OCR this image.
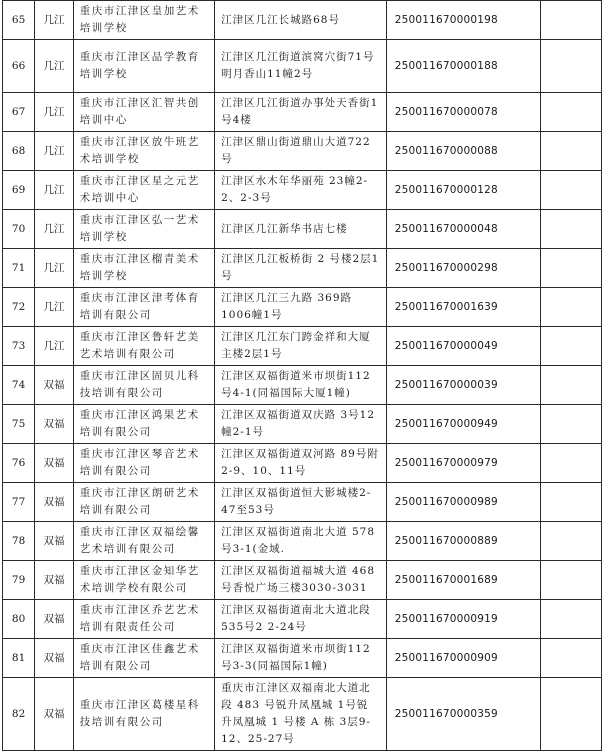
65	几江	重庆市江津区皇加艺术培训学校	江津区几江长城路68号	250011670000198	
66	几江	重庆市江津区品学教育培训学校	江津区几江街道滨窝穴街71号明月香山11幢2号	250011670000188	
67	几江	重庆市江津区汇智共创培训中心	江津区几江街道办事处天香街1号4楼	250011670000078	
68	几江	重庆市江津区放牛班艺术培训学校	江津区鼎山街道鼎山大道722号	250011670000088	
69	几江	重庆市江津区星之元艺术培训中心	江津区水木年华丽苑 23幢2-2、2-3号	250011670000128	
70	几江	重庆市江津区弘一艺术培训学校	江津区几江新华书店七楼	250011670000048	
71	几江	重庆市江津区榴青美术培训学校	江津区几江板桥街 2 号楼2层1号	250011670000298	
72	几江	重庆市江津区津考体育培训有限公司	江津区几江三九路 369路1006幢1号	250011670001639	
73	几江	重庆市江津区鲁轩艺美艺术培训有限公司	江津区几江东门跨金祥和大厦主楼2层1号	250011670000049	
74	双福	重庆市江津区固贝儿科技培训有限公司	江津区双福街道米市坝街112号4-1(同福国际大厦1幢)	250011670000039	
75	双福	重庆市江津区鸿果艺术培训有限公司	江津区双福街道双庆路 3号12幢2-1号	250011670000949	
76	双福	重庆市江津区琴音艺术培训有限公司	江津区双福街道双河路 89号附2-9、10、11号	250011670000979	
77	双福	重庆市江津区朗研艺术培训有限公司	江津区双福街道恒大影城楼2-47至53号	250011670000989	
78	双福	重庆市江津区双福绘馨艺术培训有限公司	江津区双福街道南北大道 578号3-1(金域.	250011670000889	
79	双福	重庆市江津区金知华艺术培训学校有限公司	江津区双福街道福城大道 468号香悦广场三楼3030-3031	250011670001689	
80	双福	重庆市江津区乔艺艺术培训有限责任公司	江津区双福街道南北大道北段535号2 2-24号	250011670000919	
81	双福	重庆市江津区佳鑫艺术培训有限公司	江津区双福街道米市坝街112号3-3(同福国际1幢)	250011670000909	
82	双福	重庆市江津区葛楼星科技培训有限公司	重庆市江津区双福南北大道北段 483 号锐升凤凰城 1号锐升凤凰城 1 号楼 A 栋 3层9-12、25-27号	250011670000359	
